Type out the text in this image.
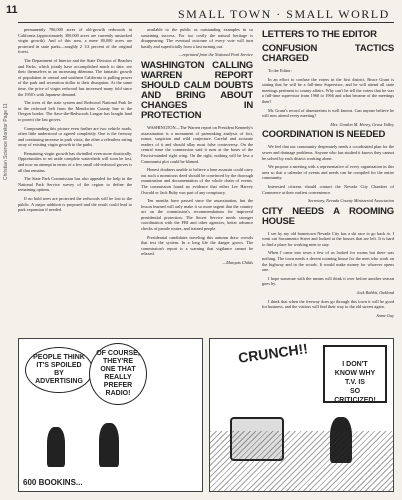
11
Christian Science Monitor Page 11
SMALL TOWN · SMALL WORLD

permanently 786,000 acres of old-growth redwoods in California (approximately 300,000 acres are currently unstacked virgin growth). And of this area, a mere 80,000 acres are protected in state parks—roughly 2 1/2 percent of the original forest.

The Department of Interior and the State Division of Beaches and Parks, which jointly have accomplished much to date, see their themselves in an increasing dilemma. The fantastic growth of population in central and southern California is pulling power of the park and recreation dollar to their disruption. At the same time, the price of virgin redwood has increased many fold since the 1950's with Japanese demand.

The trees of the state system and Redwood National Park lie in the redwood belt from the Mendocino County line to the Oregon border. The Save-the-Redwoods League has bought land to protect the last groves.

Compounding this picture even further are two vehicle roads, often little understood or agreed completely. One is the freeway and continuing increase in park visits; the other a relentless eating away of existing virgin growth to the parks.

Remaining virgin growth has dwindled even more drastically. Opportunities to set aside complete watersheds will soon be lost, and now an attempt in terms of a few small old-redwood groves is all that remains.

The State Park Commission has also appealed for help in the National Park Service survey of the region to define the remaining options.

If no bold trees are protected the redwoods will be lost to the public. A major addition is proposed and the result could lead to park expansion if needed.

available to the public as outstanding examples in so sustaining success. For too costly the natural heritage is disappearing. The eventual outcome of every vote will turn hastily and superficially from a fast turning out.

—reprinted from the National Park Service

WASHINGTON CALLING WARREN REPORT SHOULD CALM DOUBTS AND BRING ABOUT CHANGES IN PROTECTION

WASHINGTON—The Warren report on President Kennedy's assassination is a monument of painstaking analysis of fact, rumor, suspicion and wild conjecture. Careful and accurate readers of it and should allay most false controversy. On the central issue the commission said it runs at the bases of the Fascist-minded right wing. On the right, nothing will be less a Communist plot could be blamed.

Honest doubters unable to believe a lone assassin could carry out such a monstrous deed should be convinced by the thorough examination and documentation of the whole chain of events. The commission found no evidence that either Lee Harvey Oswald or Jack Ruby was part of any conspiracy.

Ten months have passed since the assassination, but the lesson learned will only make it so more urgent that the country act on the commission's recommendations for improved presidential protection. The Secret Service needs stronger coordination with the FBI and other agencies, better advance checks of parade routes, and trained people.

Presidential candidates traveling this autumn draw crowds that test the system. In a long life the danger grows. The commission's report is a warning that vigilance cannot be relaxed.

—Marquis Childs

LETTERS TO THE EDITOR
CONFUSION TACTICS CHARGED

To the Editor:

In an effort to confuse the voters in the first district, Bruce Grant is stating that he will be a full-time Supervisor, and he will attend all state meetings pertinent to county affairs. Why can't he tell the voters that he was a full-time supervisor from 1960 to 1966 and what became of the meetings then?

Mr. Grant's record of absenteeism is well known. Can anyone believe he will now attend every meeting?

Mrs. Gordon M. Henry, Grass Valley

COORDINATION IS NEEDED

We feel that our community desperately needs a coordinated plan for the sewer and drainage problems. Anyone who has studied it knows they cannot be solved by each district working alone.

We propose a meeting with a representative of every organization in this area so that a calendar of events and needs can be compiled for the entire community.

Interested citizens should contact the Nevada City Chamber of Commerce at their earliest convenience.

Secretary, Nevada County Ministerial Association

CITY NEEDS A ROOMING HOUSE

I see by my old hometown Nevada City has a ski race to go back to. I went out Sacramento Street and looked at the houses that are left. It is hard to find a place for working men to stay.

When I came into town a few of us looked for rooms but there was nothing. The town needs a decent rooming house for the men who work on the highway and in the woods. It would make money for whoever opens one.

I hope someone with the means will think it over before another season goes by.

Jack Rabbit, Oakland

I think that when the freeway does go through this town it will be good for business, and the visitors will find their way to the old streets again.

Same Guy

PEOPLE THINK
IT'S SPOILED
BY
ADVERTISING
OF COURSE,
THEY'RE
ONE THAT
REALLY
PREFER
RADIO!
600 BOOKINS...
CRUNCH!!	I DON'T
KNOW WHY
T.V. IS
SO
CRITICIZED!
